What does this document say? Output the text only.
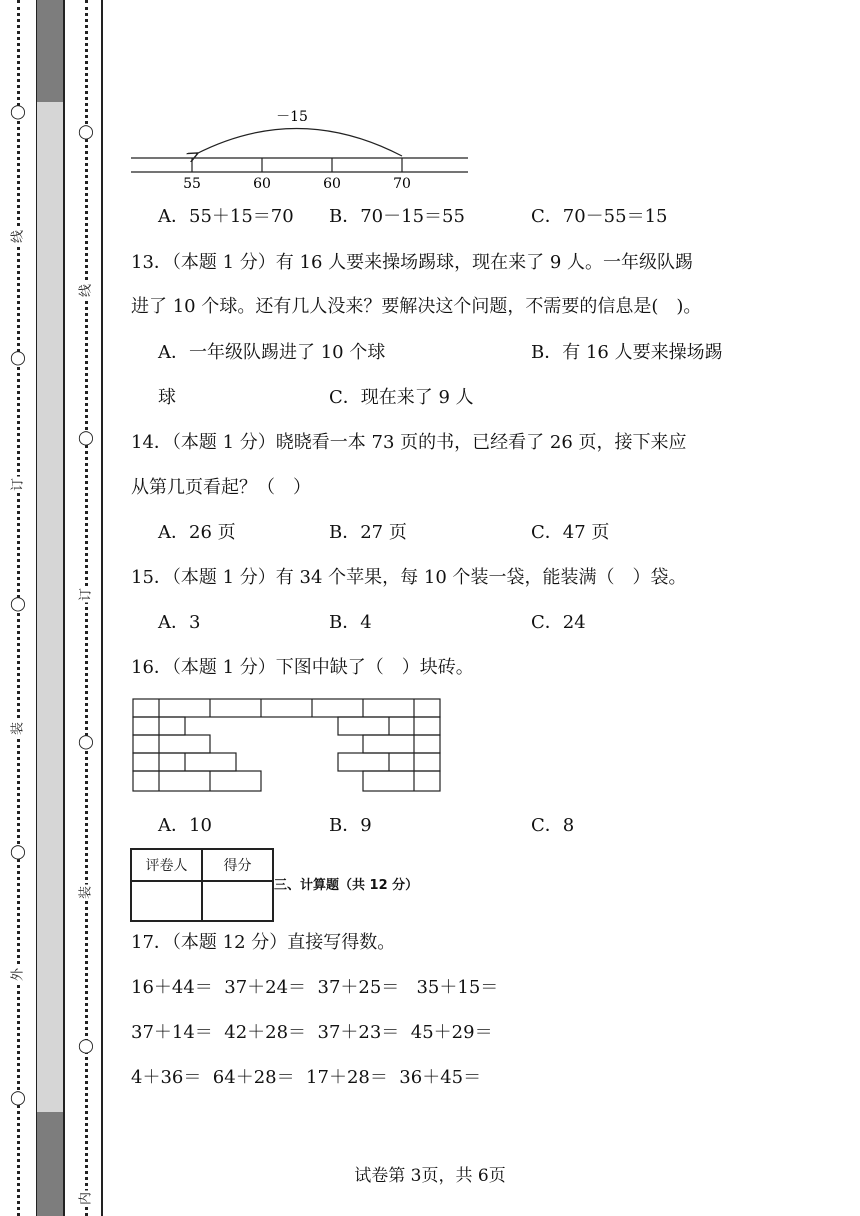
◯
线
◯
订
◯
装
◯
外
◯
◯
线
◯
订
◯
装
◯
内
－15
55	60	60	70
A．55＋15＝70 B．70－15＝55	C．70－55＝15
13．（本题 1 分）有 16 人要来操场踢球，现在来了 9 人。一年级队踢
进了 10 个球。还有几人没来？要解决这个问题，不需要的信息是(　)。
A．一年级队踢进了 10 个球	B．有 16 人要来操场踢
球	C．现在来了 9 人
14．（本题 1 分）晓晓看一本 73 页的书，已经看了 26 页，接下来应
从第几页看起？（　）
A．26 页	B．27 页	C．47 页
15．（本题 1 分）有 34 个苹果，每 10 个装一袋，能装满（　）袋。
A．3	B．4	C．24
16．（本题 1 分）下图中缺了（　）块砖。
A．10	B．9	C．8
评卷人	得分

三、计算题（共 12 分）
17．（本题 12 分）直接写得数。
16＋44＝  37＋24＝  37＋25＝   35＋15＝
37＋14＝  42＋28＝  37＋23＝  45＋29＝
4＋36＝  64＋28＝  17＋28＝  36＋45＝
试卷第 3页，共 6页
